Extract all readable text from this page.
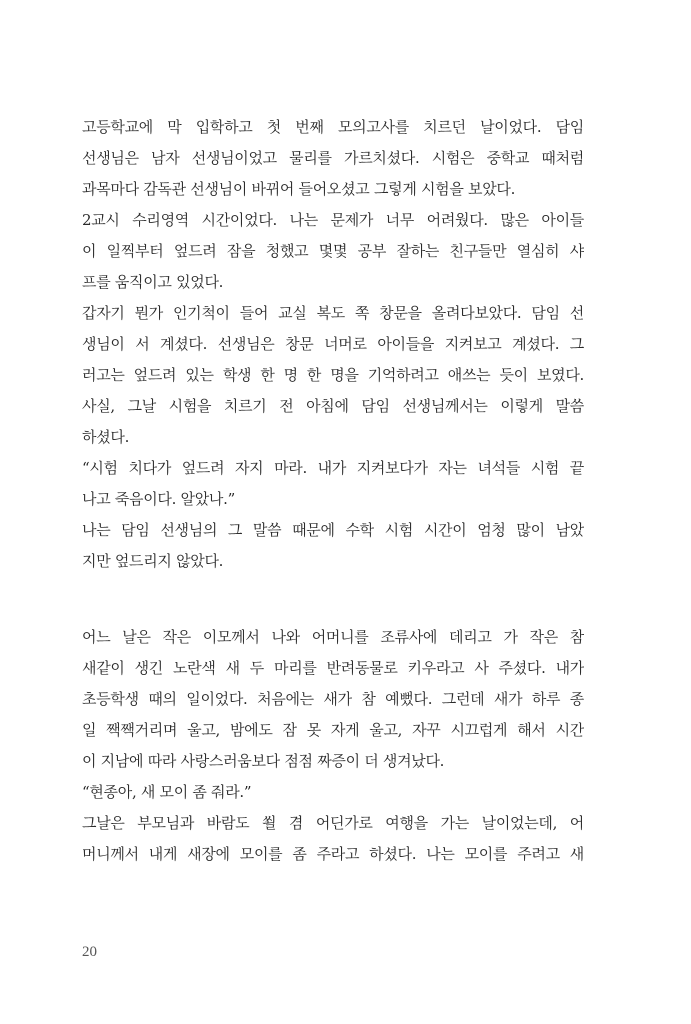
고등학교에 막 입학하고 첫 번째 모의고사를 치르던 날이었다. 담임
선생님은 남자 선생님이었고 물리를 가르치셨다. 시험은 중학교 때처럼
과목마다 감독관 선생님이 바뀌어 들어오셨고 그렇게 시험을 보았다.
2교시 수리영역 시간이었다. 나는 문제가 너무 어려웠다. 많은 아이들
이 일찍부터 엎드려 잠을 청했고 몇몇 공부 잘하는 친구들만 열심히 샤
프를 움직이고 있었다.
갑자기 뭔가 인기척이 들어 교실 복도 쪽 창문을 올려다보았다. 담임 선
생님이 서 계셨다. 선생님은 창문 너머로 아이들을 지켜보고 계셨다. 그
러고는 엎드려 있는 학생 한 명 한 명을 기억하려고 애쓰는 듯이 보였다.
사실, 그날 시험을 치르기 전 아침에 담임 선생님께서는 이렇게 말씀
하셨다.
“시험 치다가 엎드려 자지 마라. 내가 지켜보다가 자는 녀석들 시험 끝
나고 죽음이다. 알았나.”
나는 담임 선생님의 그 말씀 때문에 수학 시험 시간이 엄청 많이 남았
지만 엎드리지 않았다.
어느 날은 작은 이모께서 나와 어머니를 조류사에 데리고 가 작은 참
새같이 생긴 노란색 새 두 마리를 반려동물로 키우라고 사 주셨다. 내가
초등학생 때의 일이었다. 처음에는 새가 참 예뻤다. 그런데 새가 하루 종
일 짹짹거리며 울고, 밤에도 잠 못 자게 울고, 자꾸 시끄럽게 해서 시간
이 지남에 따라 사랑스러움보다 점점 짜증이 더 생겨났다.
“현종아, 새 모이 좀 줘라.”
그날은 부모님과 바람도 쐴 겸 어딘가로 여행을 가는 날이었는데, 어
머니께서 내게 새장에 모이를 좀 주라고 하셨다. 나는 모이를 주려고 새
20
